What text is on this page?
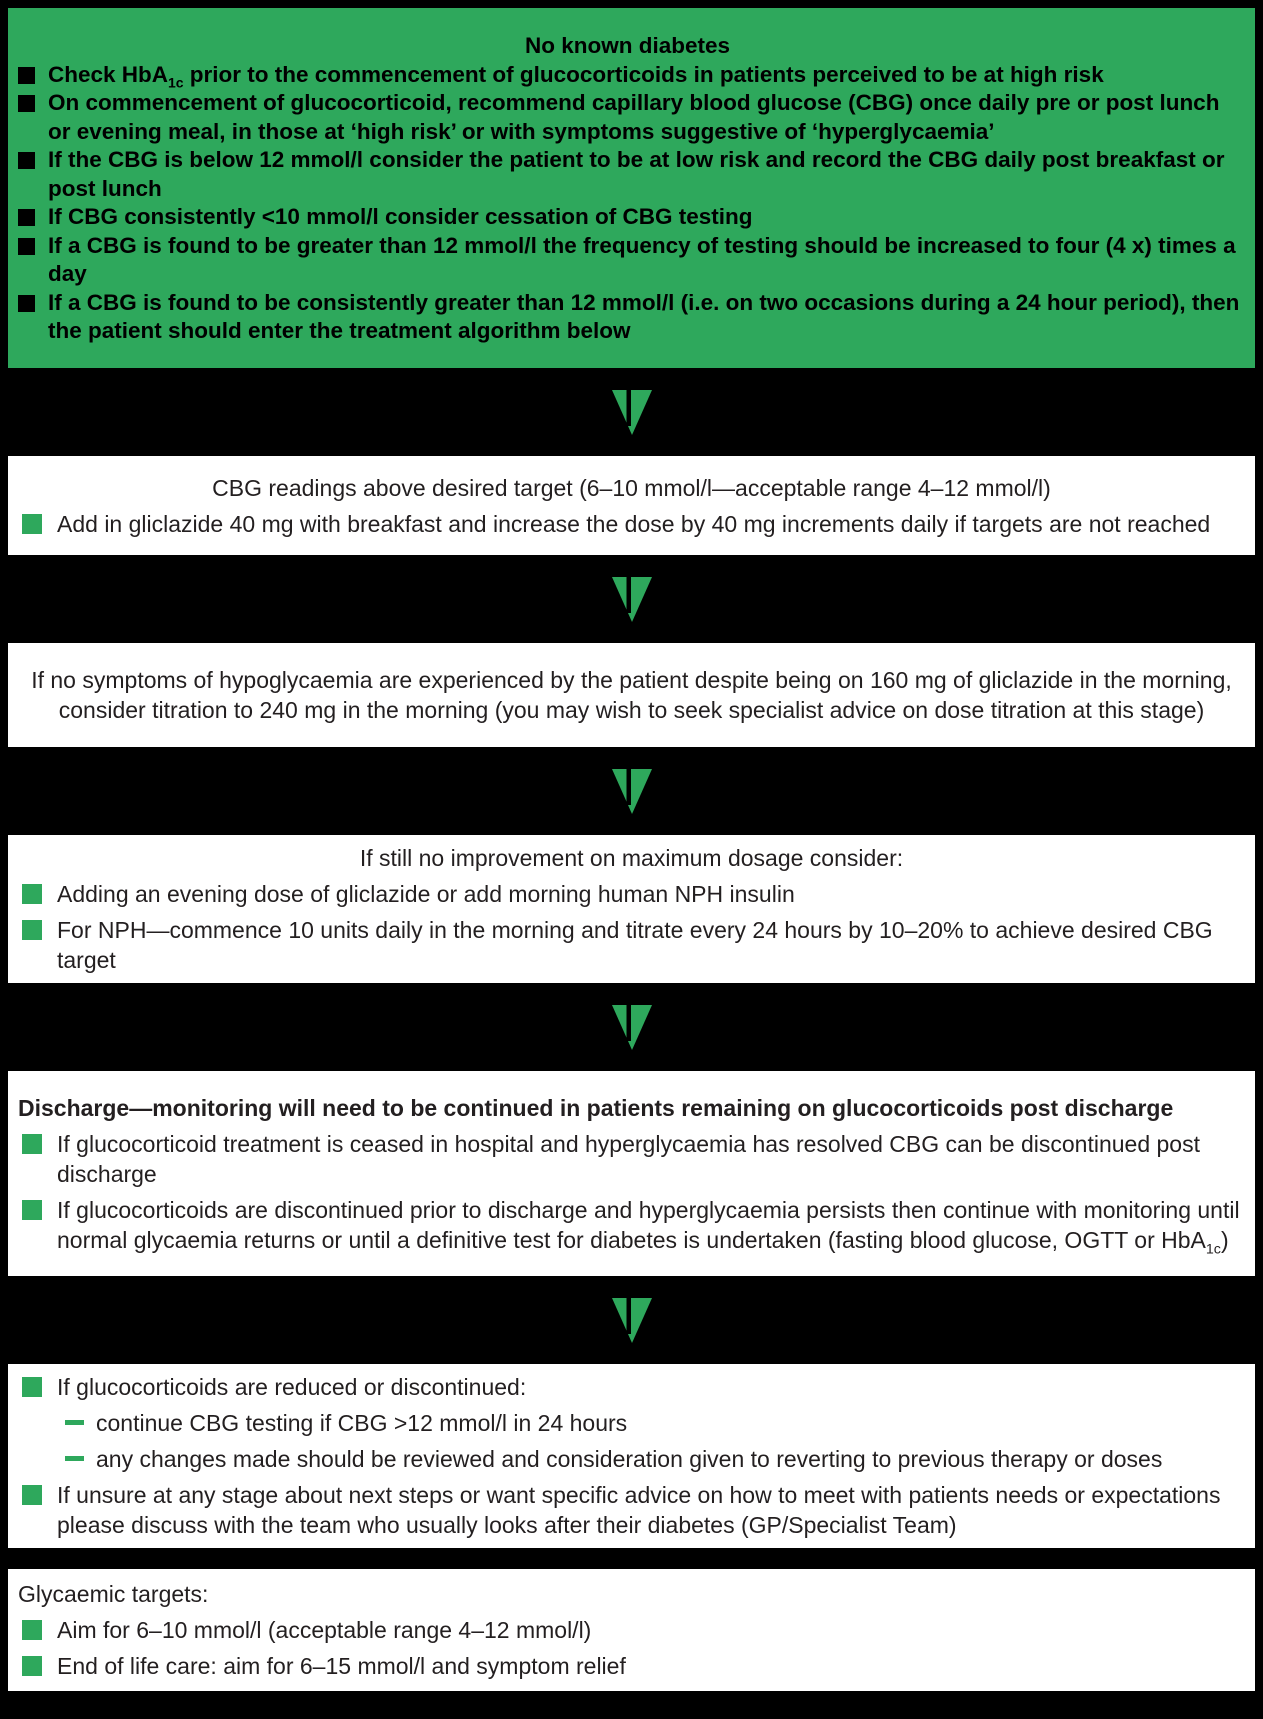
No known diabetes
Check HbA$_{1c}$ prior to the commencement of glucocorticoids in patients perceived to be at high risk
On commencement of glucocorticoid, recommend capillary blood glucose (CBG) once daily pre or post lunch or evening meal, in those at ‘high risk’ or with symptoms suggestive of ‘hyperglycaemia’
If the CBG is below 12 mmol/l consider the patient to be at low risk and record the CBG daily post breakfast or post lunch
If CBG consistently <10 mmol/l consider cessation of CBG testing
If a CBG is found to be greater than 12 mmol/l the frequency of testing should be increased to four (4 x) times a day
If a CBG is found to be consistently greater than 12 mmol/l (i.e. on two occasions during a 24 hour period), then the patient should enter the treatment algorithm below
CBG readings above desired target (6–10 mmol/l—acceptable range 4–12 mmol/l)
Add in gliclazide 40 mg with breakfast and increase the dose by 40 mg increments daily if targets are not reached
If no symptoms of hypoglycaemia are experienced by the patient despite being on 160 mg of gliclazide in the morning, consider titration to 240 mg in the morning (you may wish to seek specialist advice on dose titration at this stage)
If still no improvement on maximum dosage consider:
Adding an evening dose of gliclazide or add morning human NPH insulin
For NPH—commence 10 units daily in the morning and titrate every 24 hours by 10–20% to achieve desired CBG target
Discharge—monitoring will need to be continued in patients remaining on glucocorticoids post discharge
If glucocorticoid treatment is ceased in hospital and hyperglycaemia has resolved CBG can be discontinued post discharge
If glucocorticoids are discontinued prior to discharge and hyperglycaemia persists then continue with monitoring until normal glycaemia returns or until a definitive test for diabetes is undertaken (fasting blood glucose, OGTT or HbA$_{1c}$)
If glucocorticoids are reduced or discontinued:
continue CBG testing if CBG >12 mmol/l in 24 hours
any changes made should be reviewed and consideration given to reverting to previous therapy or doses
If unsure at any stage about next steps or want specific advice on how to meet with patients needs or expectations please discuss with the team who usually looks after their diabetes (GP/Specialist Team)
Glycaemic targets:
Aim for 6–10 mmol/l (acceptable range 4–12 mmol/l)
End of life care: aim for 6–15 mmol/l and symptom relief
